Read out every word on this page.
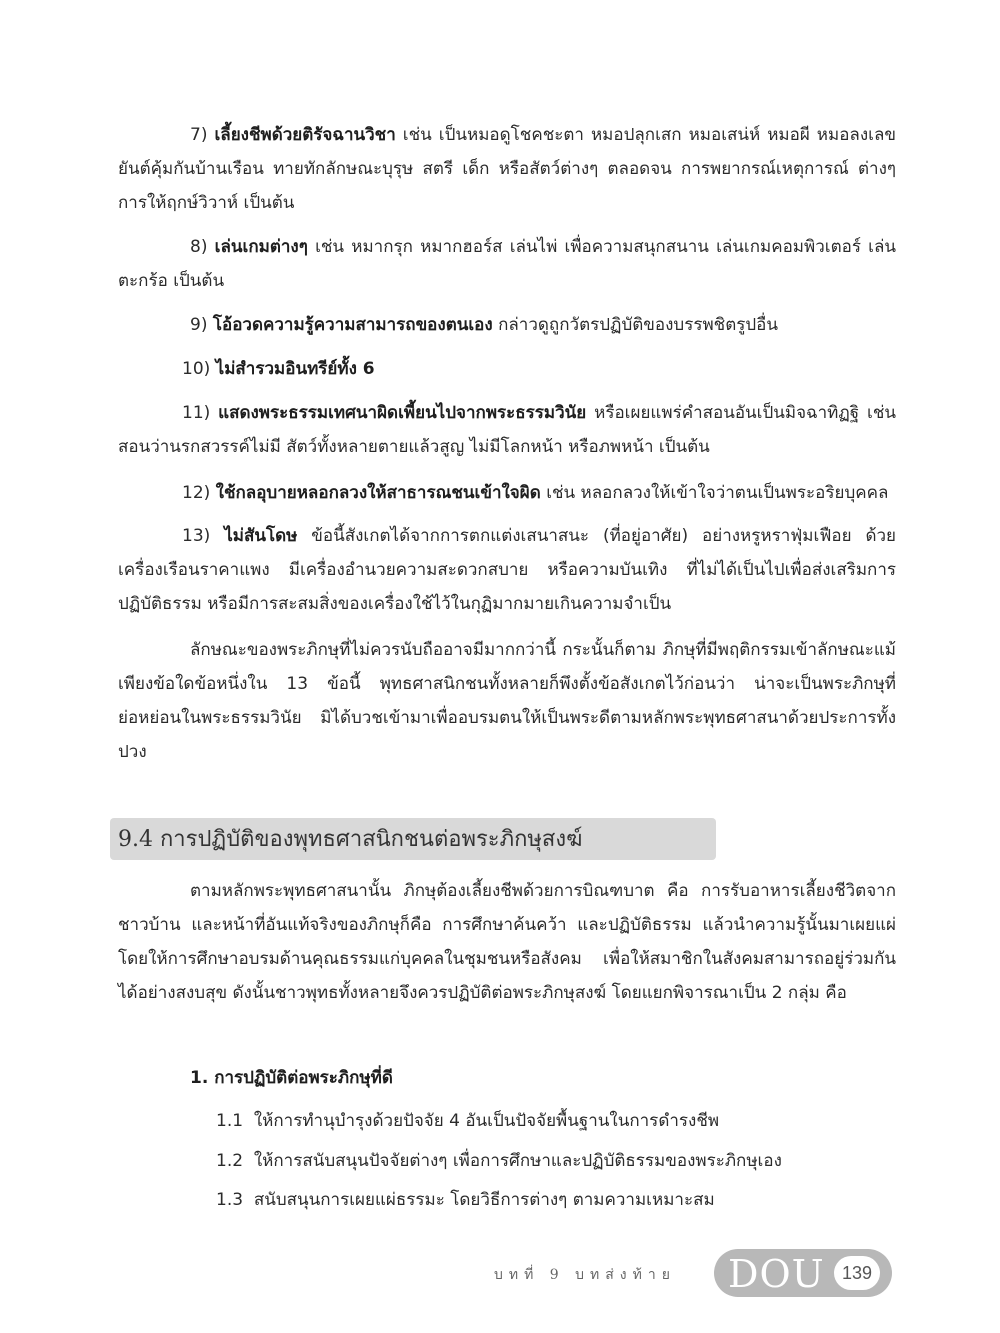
7) เลี้ยงชีพด้วยติรัจฉานวิชา เช่น เป็นหมอดูโชคชะตา หมอปลุกเสก หมอเสน่ห์ หมอผี หมอลงเลขยันต์คุ้มกันบ้านเรือน ทายทักลักษณะบุรุษ สตรี เด็ก หรือสัตว์ต่างๆ ตลอดจน การพยากรณ์เหตุการณ์ ต่างๆ การให้ฤกษ์วิวาห์ เป็นต้น

8) เล่นเกมต่างๆ เช่น หมากรุก หมากฮอร์ส เล่นไพ่ เพื่อความสนุกสนาน เล่นเกมคอมพิวเตอร์ เล่นตะกร้อ เป็นต้น

9) โอ้อวดความรู้ความสามารถของตนเอง กล่าวดูถูกวัตรปฏิบัติของบรรพชิตรูปอื่น

10) ไม่สำรวมอินทรีย์ทั้ง 6

11) แสดงพระธรรมเทศนาผิดเพี้ยนไปจากพระธรรมวินัย หรือเผยแพร่คำสอนอันเป็นมิจฉาทิฏฐิ เช่น สอนว่านรกสวรรค์ไม่มี สัตว์ทั้งหลายตายแล้วสูญ ไม่มีโลกหน้า หรือภพหน้า เป็นต้น

12) ใช้กลอุบายหลอกลวงให้สาธารณชนเข้าใจผิด เช่น หลอกลวงให้เข้าใจว่าตนเป็นพระอริยบุคคล

13) ไม่สันโดษ ข้อนี้สังเกตได้จากการตกแต่งเสนาสนะ (ที่อยู่อาศัย) อย่างหรูหราฟุ่มเฟือย ด้วยเครื่องเรือนราคาแพง มีเครื่องอำนวยความสะดวกสบาย หรือความบันเทิง ที่ไม่ได้เป็นไปเพื่อส่งเสริมการปฏิบัติธรรม หรือมีการสะสมสิ่งของเครื่องใช้ไว้ในกุฏิมากมายเกินความจำเป็น

ลักษณะของพระภิกษุที่ไม่ควรนับถืออาจมีมากกว่านี้ กระนั้นก็ตาม ภิกษุที่มีพฤติกรรมเข้าลักษณะแม้เพียงข้อใดข้อหนึ่งใน 13 ข้อนี้ พุทธศาสนิกชนทั้งหลายก็พึงตั้งข้อสังเกตไว้ก่อนว่า น่าจะเป็นพระภิกษุที่ย่อหย่อนในพระธรรมวินัย มิได้บวชเข้ามาเพื่ออบรมตนให้เป็นพระดีตามหลักพระพุทธศาสนาด้วยประการทั้งปวง

9.4 การปฏิบัติของพุทธศาสนิกชนต่อพระภิกษุสงฆ์

ตามหลักพระพุทธศาสนานั้น ภิกษุต้องเลี้ยงชีพด้วยการบิณฑบาต คือ การรับอาหารเลี้ยงชีวิตจากชาวบ้าน และหน้าที่อันแท้จริงของภิกษุก็คือ การศึกษาค้นคว้า และปฏิบัติธรรม แล้วนำความรู้นั้นมาเผยแผ่ โดยให้การศึกษาอบรมด้านคุณธรรมแก่บุคคลในชุมชนหรือสังคม เพื่อให้สมาชิกในสังคมสามารถอยู่ร่วมกันได้อย่างสงบสุข ดังนั้นชาวพุทธทั้งหลายจึงควรปฏิบัติต่อพระภิกษุสงฆ์ โดยแยกพิจารณาเป็น 2 กลุ่ม คือ

1. การปฏิบัติต่อพระภิกษุที่ดี

1.1 ให้การทำนุบำรุงด้วยปัจจัย 4 อันเป็นปัจจัยพื้นฐานในการดำรงชีพ

1.2 ให้การสนับสนุนปัจจัยต่างๆ เพื่อการศึกษาและปฏิบัติธรรมของพระภิกษุเอง

1.3 สนับสนุนการเผยแผ่ธรรมะ โดยวิธีการต่างๆ ตามความเหมาะสม

บทที่ 9 บทส่งท้าย DOU 139
